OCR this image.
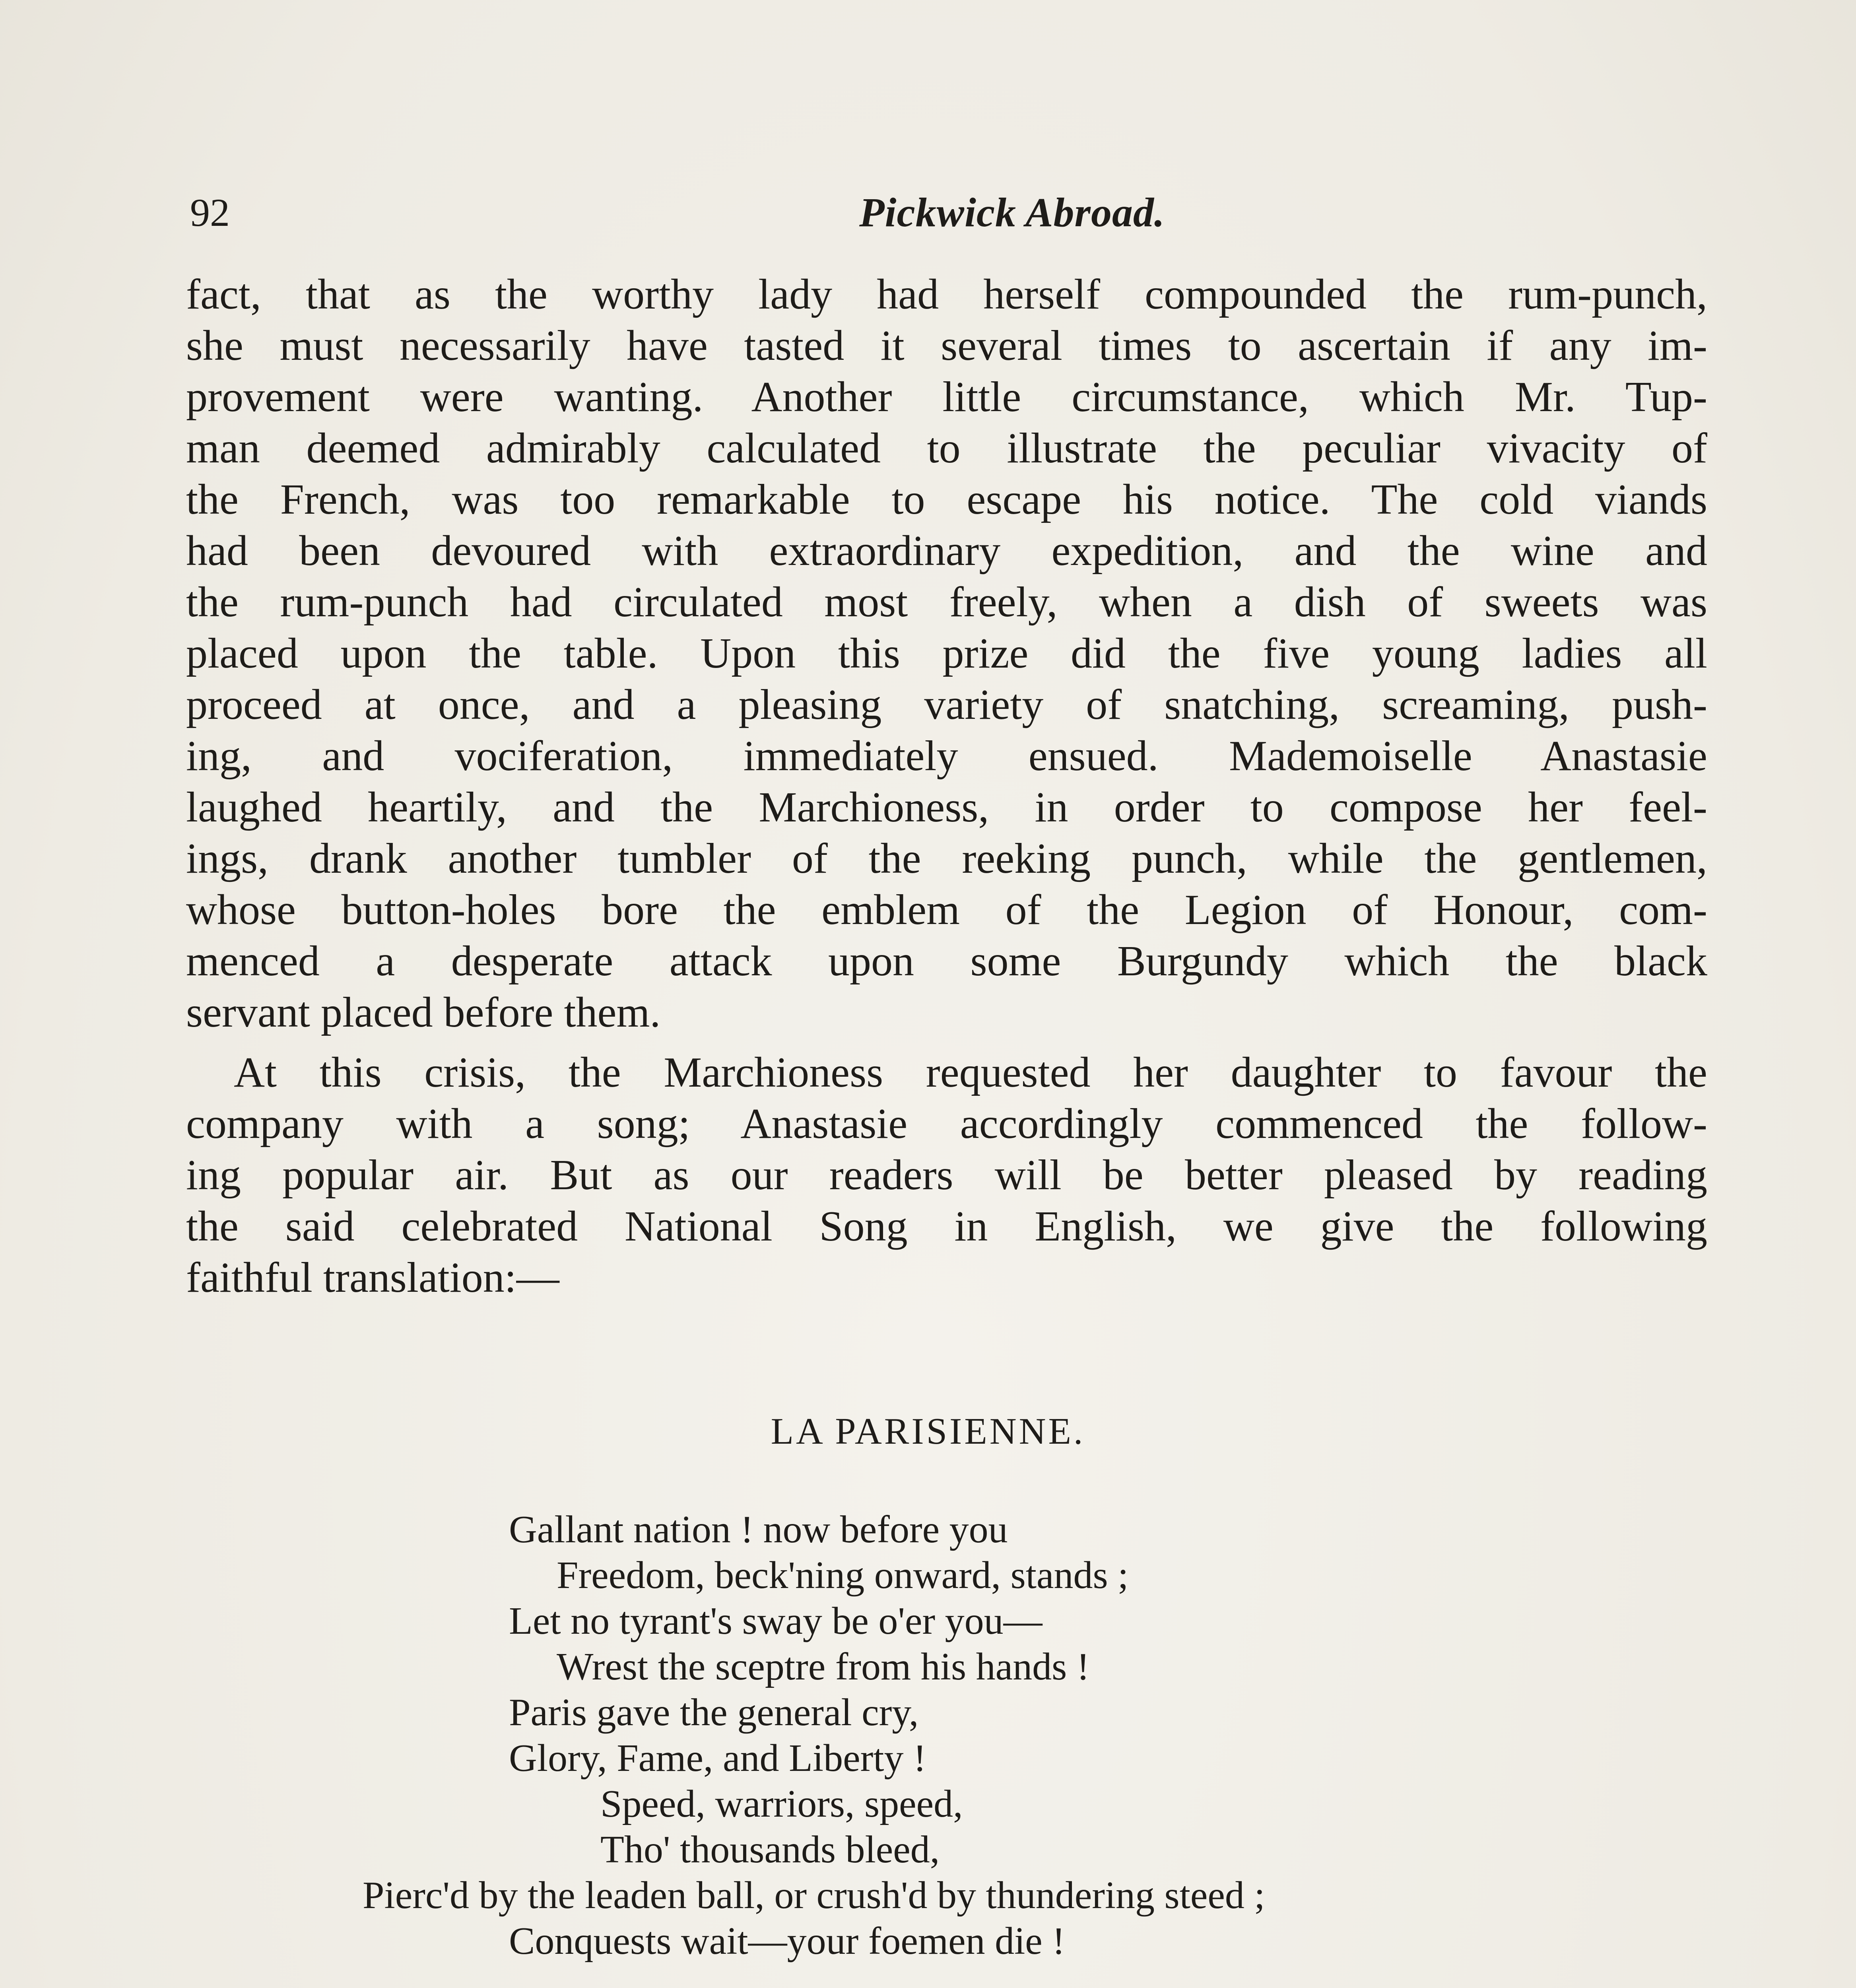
92	Pickwick Abroad.

fact, that as the worthy lady had herself compounded the rum-punch,
she must necessarily have tasted it several times to ascertain if any im-
provement were wanting. Another little circumstance, which Mr. Tup-
man deemed admirably calculated to illustrate the peculiar vivacity of
the French, was too remarkable to escape his notice. The cold viands
had been devoured with extraordinary expedition, and the wine and
the rum-punch had circulated most freely, when a dish of sweets was
placed upon the table. Upon this prize did the five young ladies all
proceed at once, and a pleasing variety of snatching, screaming, push-
ing, and vociferation, immediately ensued. Mademoiselle Anastasie
laughed heartily, and the Marchioness, in order to compose her feel-
ings, drank another tumbler of the reeking punch, while the gentlemen,
whose button-holes bore the emblem of the Legion of Honour, com-
menced a desperate attack upon some Burgundy which the black
servant placed before them.

At this crisis, the Marchioness requested her daughter to favour the
company with a song; Anastasie accordingly commenced the follow-
ing popular air. But as our readers will be better pleased by reading
the said celebrated National Song in English, we give the following
faithful translation:—

LA PARISIENNE.
Gallant nation ! now before you
Freedom, beck'ning onward, stands ;
Let no tyrant's sway be o'er you—
Wrest the sceptre from his hands !
Paris gave the general cry,
Glory, Fame, and Liberty !
Speed, warriors, speed,
Tho' thousands bleed,
Pierc'd by the leaden ball, or crush'd by thundering steed ;
Conquests wait—your foemen die !
